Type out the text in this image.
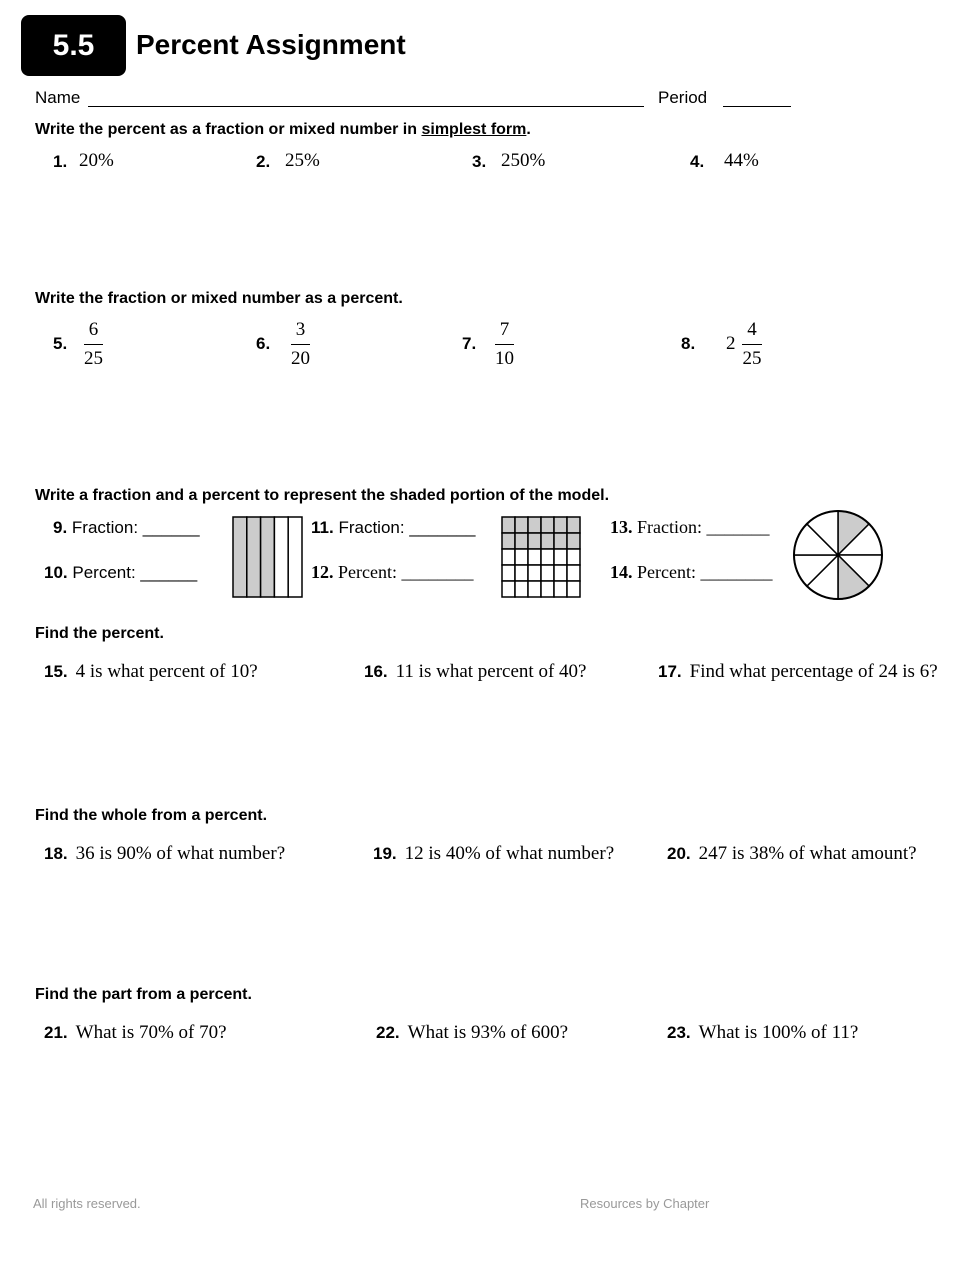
5.5 Percent Assignment
Name	Period
Write the percent as a fraction or mixed number in simplest form.
1. 20%	2. 25%	3. 250%	4. 44%
Write the fraction or mixed number as a percent.
5. $\frac{6}{25}$	6. $\frac{3}{20}$	7. $\frac{7}{10}$	8. $2 \frac{4}{25}$
Write a fraction and a percent to represent the shaded portion of the model.
9. Fraction: ______
10. Percent: ______
11. Fraction: _______
12. Percent: ________
13. Fraction: _______
14. Percent: ________
Find the percent.
15. 4 is what percent of 10?	16. 11 is what percent of 40?	17. Find what percentage of 24 is 6?
Find the whole from a percent.
18. 36 is 90% of what number?	19. 12 is 40% of what number?	20. 247 is 38% of what amount?
Find the part from a percent.
21. What is 70% of 70?	22. What is 93% of 600?	23. What is 100% of 11?
All rights reserved.	Resources by Chapter
